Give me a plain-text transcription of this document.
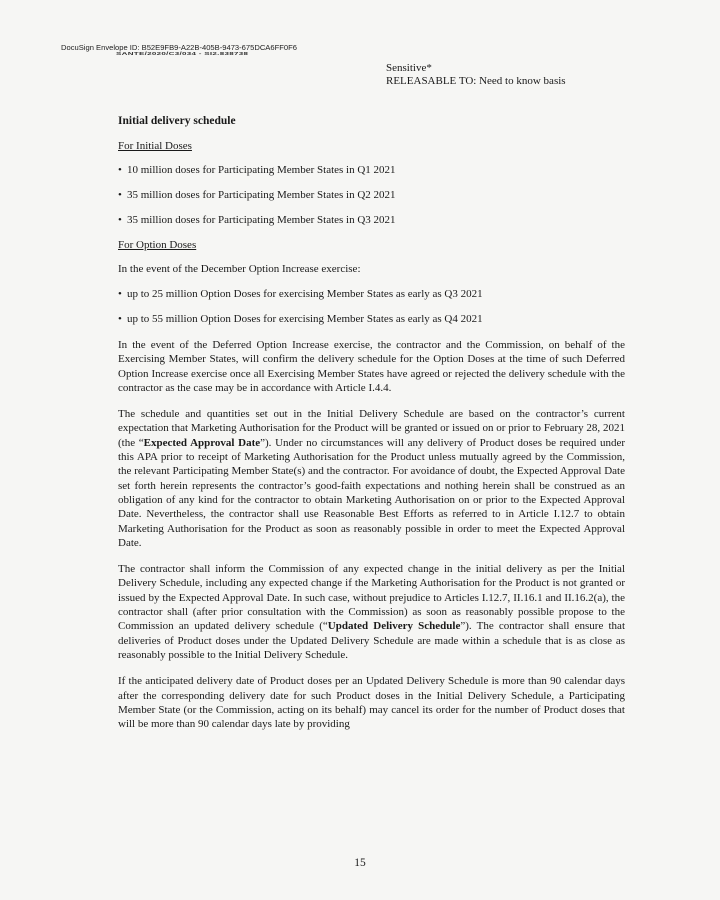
DocuSign Envelope ID: B52E9FB9-A22B-405B-9473-675DCA6FF0F6
SANTE/2020/C3/034 - SI2.838738
Sensitive*
RELEASABLE TO: Need to know basis
Initial delivery schedule
For Initial Doses
• 10 million doses for Participating Member States in Q1 2021
• 35 million doses for Participating Member States in Q2 2021
• 35 million doses for Participating Member States in Q3 2021
For Option Doses
In the event of the December Option Increase exercise:
• up to 25 million Option Doses for exercising Member States as early as Q3 2021
• up to 55 million Option Doses for exercising Member States as early as Q4 2021

In the event of the Deferred Option Increase exercise, the contractor and the Commission, on behalf of the Exercising Member States, will confirm the delivery schedule for the Option Doses at the time of such Deferred Option Increase exercise once all Exercising Member States have agreed or rejected the delivery schedule with the contractor as the case may be in accordance with Article I.4.4.

The schedule and quantities set out in the Initial Delivery Schedule are based on the contractor’s current expectation that Marketing Authorisation for the Product will be granted or issued on or prior to February 28, 2021 (the “Expected Approval Date”). Under no circumstances will any delivery of Product doses be required under this APA prior to receipt of Marketing Authorisation for the Product unless mutually agreed by the Commission, the relevant Participating Member State(s) and the contractor. For avoidance of doubt, the Expected Approval Date set forth herein represents the contractor’s good-faith expectations and nothing herein shall be construed as an obligation of any kind for the contractor to obtain Marketing Authorisation on or prior to the Expected Approval Date. Nevertheless, the contractor shall use Reasonable Best Efforts as referred to in Article I.12.7 to obtain Marketing Authorisation for the Product as soon as reasonably possible in order to meet the Expected Approval Date.

The contractor shall inform the Commission of any expected change in the initial delivery as per the Initial Delivery Schedule, including any expected change if the Marketing Authorisation for the Product is not granted or issued by the Expected Approval Date. In such case, without prejudice to Articles I.12.7, II.16.1 and II.16.2(a), the contractor shall (after prior consultation with the Commission) as soon as reasonably possible propose to the Commission an updated delivery schedule (“Updated Delivery Schedule”). The contractor shall ensure that deliveries of Product doses under the Updated Delivery Schedule are made within a schedule that is as close as reasonably possible to the Initial Delivery Schedule.

If the anticipated delivery date of Product doses per an Updated Delivery Schedule is more than 90 calendar days after the corresponding delivery date for such Product doses in the Initial Delivery Schedule, a Participating Member State (or the Commission, acting on its behalf) may cancel its order for the number of Product doses that will be more than 90 calendar days late by providing

15
